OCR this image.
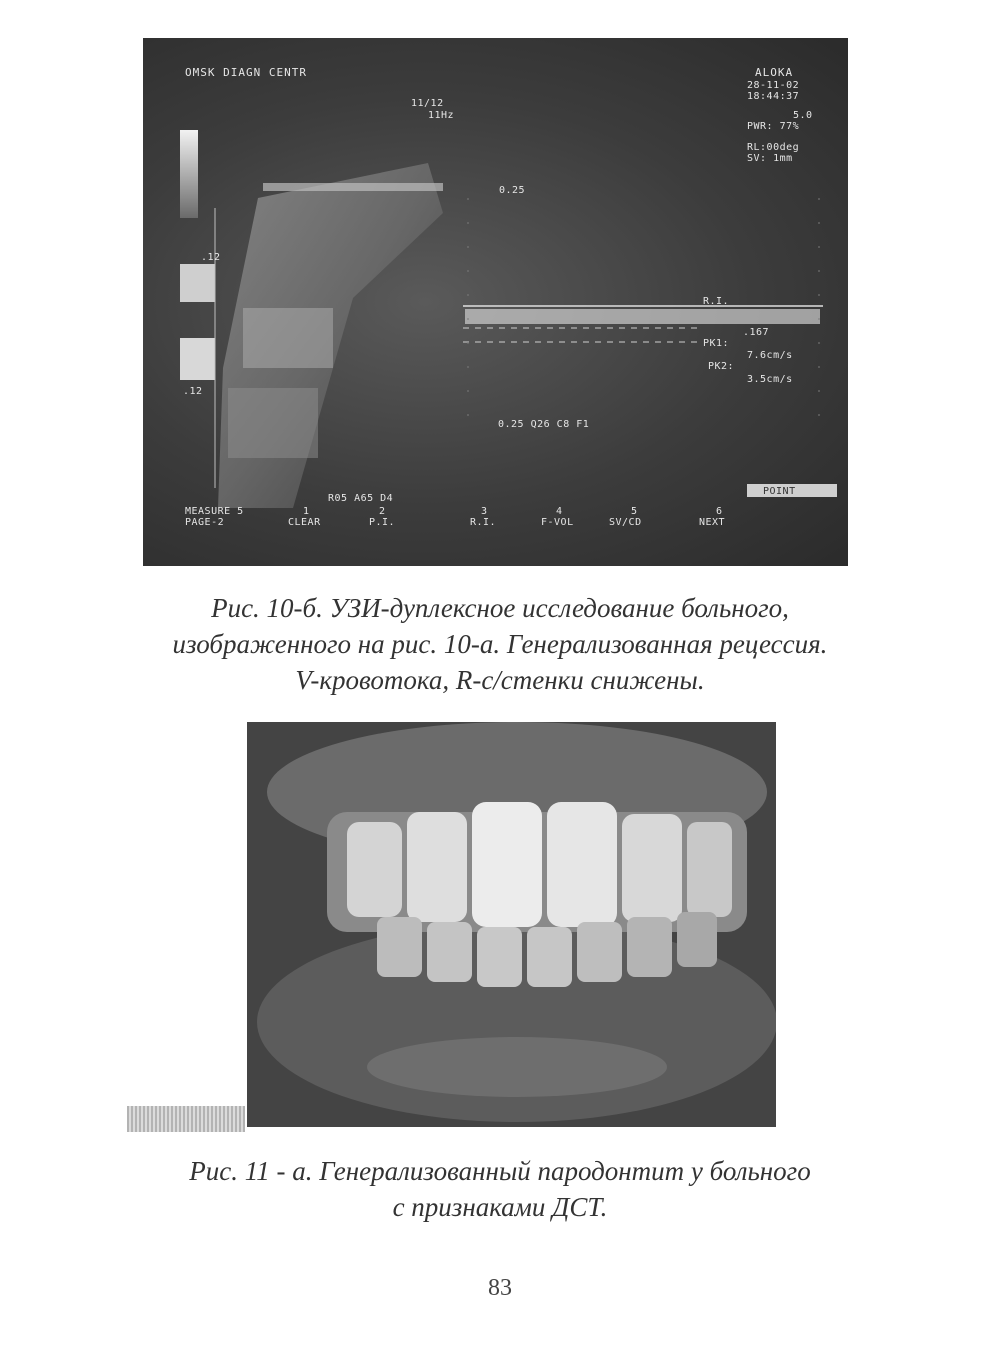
OMSK DIAGN CENTR	ALOKA
28-11-02
18:44:37
11/12
11Hz	5.0
PWR: 77%
RL:00deg
SV: 1mm
.12
.12
0.25
0.25 Q26 C8 F1
R.I.
.167
PK1:
7.6cm/s
PK2:
3.5cm/s
POINT
R05 A65 D4
MEASURE 5
PAGE-2
1
CLEAR
2
P.I.
3
R.I.
4
F-VOL
5
SV/CD
6
NEXT
Рис. 10-б. УЗИ-дуплексное исследование больного,
изображенного на рис. 10-а. Генерализованная рецессия.
V-кровотока, R-с/стенки снижены.
Рис. 11 - а. Генерализованный пародонтит у больного
с признаками ДСТ.
83
